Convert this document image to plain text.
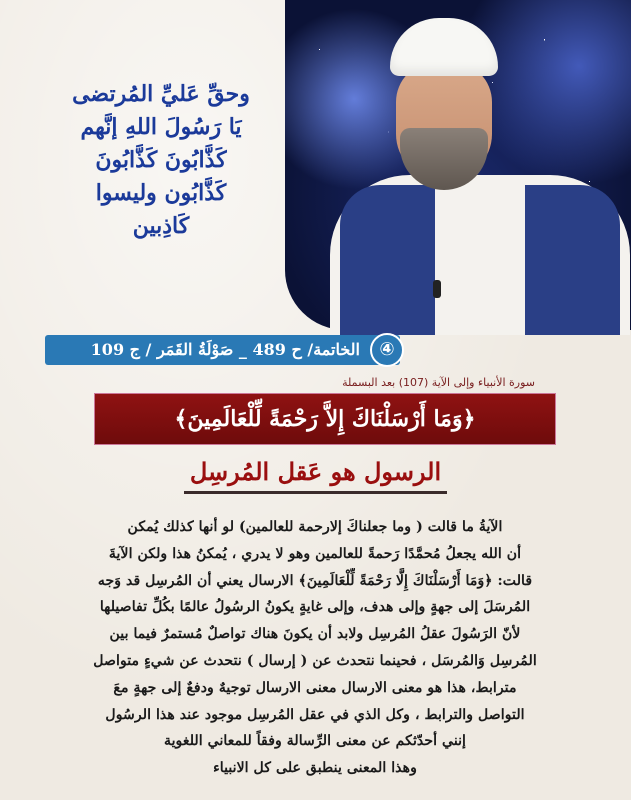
وحقِّ عَليِّ المُرتضى
يَا رَسُولَ اللهِ إنَّهم
كَذَّابُونَ كَذَّابُونَ
كَذَّابُون وليسوا
كَاذِبين
④
الخاتمة/ ح 489 _ صَوْلَةُ القَمَر / ج 109
سورة الأنبياء وإلى الآية (107) بعد البسملة
﴿وَمَا أَرْسَلْنَاكَ إِلاَّ رَحْمَةً لِّلْعَالَمِينَ﴾
الرسول هو عَقل المُرسِل

الآيةُ ما قالت ( وما جعلناكَ إلارحمة للعالمين) لو أنها كذلك يُمكن

أن الله يجعلُ مُحمَّدًا رَحمةً للعالمين وهو لا يدري ، يُمكنُ هذا ولكن الآيةَ

قالت: ﴿وَمَا أَرْسَلْنَاكَ إِلَّا رَحْمَةً لِّلْعَالَمِينَ﴾ الارسال يعني أن المُرسِل قد وَجه

المُرسَلَ إلى جهةٍ وإلى هدف، وإلى غايةٍ يكونُ الرسُولُ عالمًا بكُلِّ تفاصيلها

لأنّ الرَسُولَ عقلُ المُرسِل ولابد أن يكونَ هناك تواصلٌ مُستمرٌ فيما بين

المُرسِل وَالمُرسَل ، فحينما نتحدث عن ( إرسال ) نتحدث عن شيءٍ متواصل

مترابط، هذا هو معنى الارسال معنى الارسال توجيهٌ ودفعٌ إلى جهةٍ معَ

التواصل والترابط ، وكل الذي في عقل المُرسِل موجود عند هذا الرسُول

إنني أحدّثكم عن معنى الرِّسالة وفقاً للمعاني اللغوية

وهذا المعنى ينطبق على كل الانبياء
